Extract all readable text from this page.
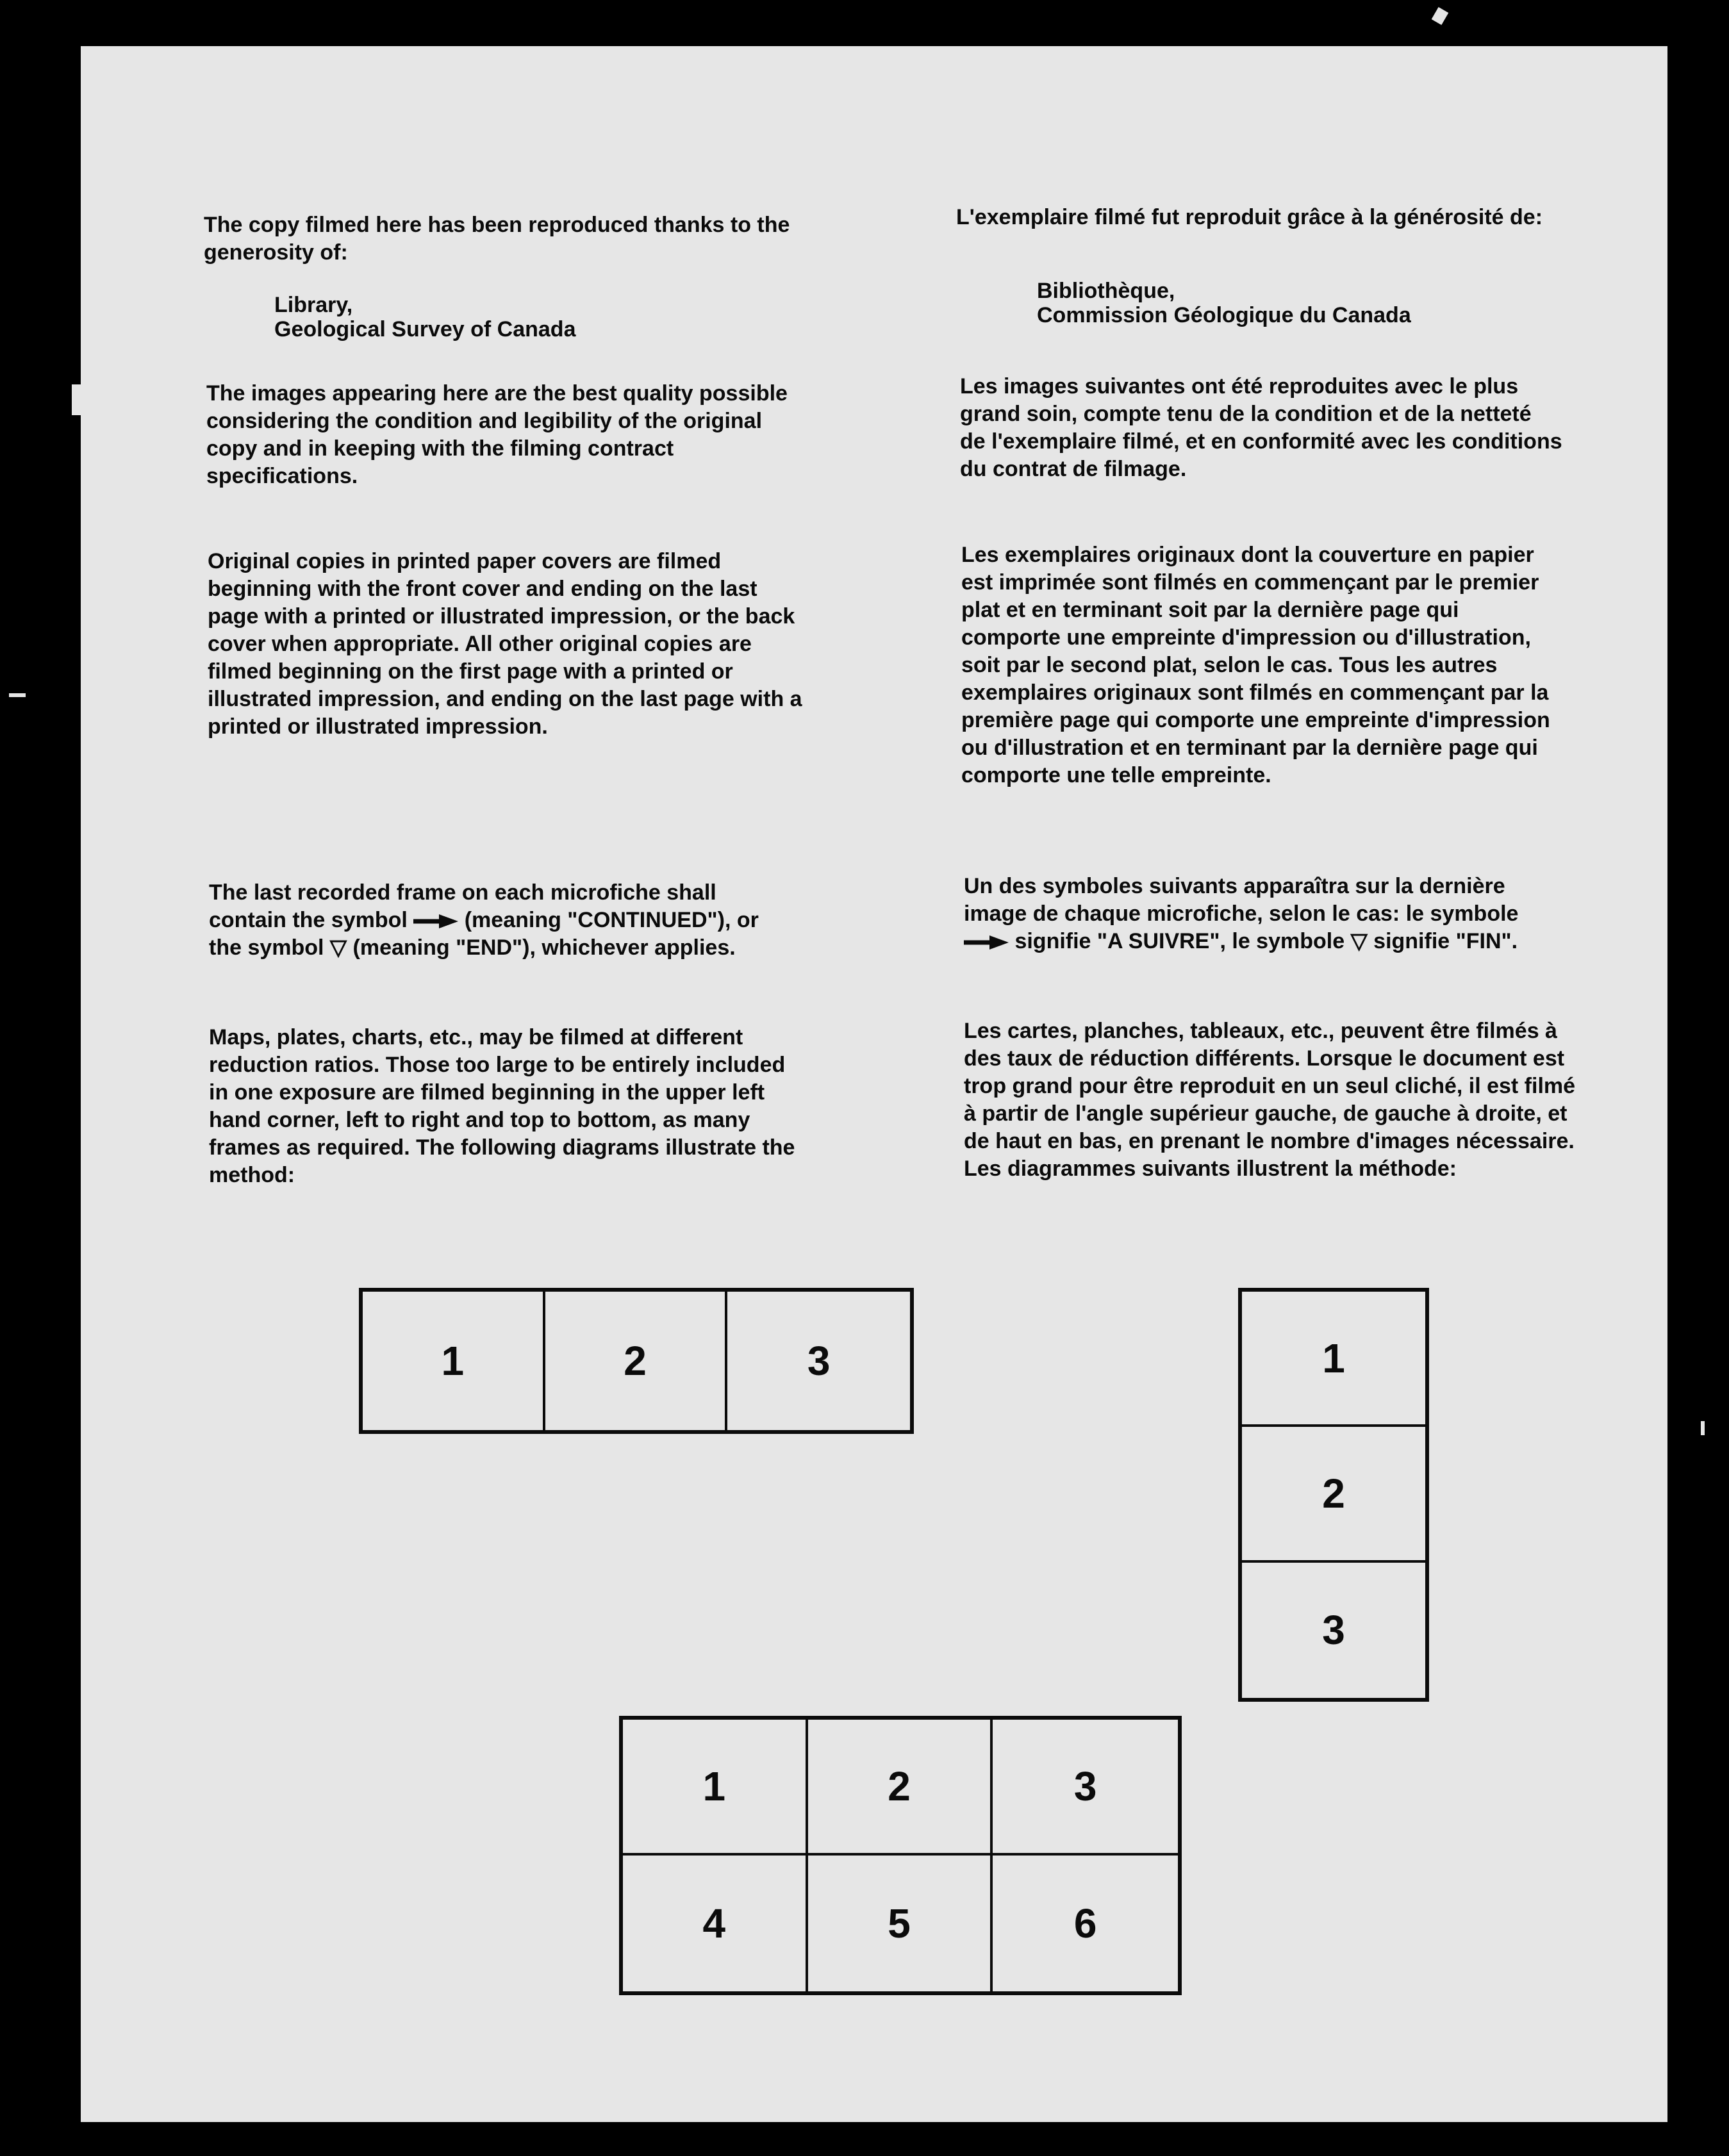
The copy filmed here has been reproduced thanks to the generosity of:

Library,

Geological Survey of Canada

The images appearing here are the best quality possible considering the condition and legibility of the original copy and in keeping with the filming contract specifications.

Original copies in printed paper covers are filmed beginning with the front cover and ending on the last page with a printed or illustrated impression, or the back cover when appropriate. All other original copies are filmed beginning on the first page with a printed or illustrated impression, and ending on the last page with a printed or illustrated impression.

The last recorded frame on each microfiche shall contain the symbol	(meaning "CONTINUED"), or the symbol ▽ (meaning "END"), whichever applies.

Maps, plates, charts, etc., may be filmed at different reduction ratios. Those too large to be entirely included in one exposure are filmed beginning in the upper left hand corner, left to right and top to bottom, as many frames as required. The following diagrams illustrate the method:

L'exemplaire filmé fut reproduit grâce à la générosité de:

Bibliothèque,

Commission Géologique du Canada

Les images suivantes ont été reproduites avec le plus grand soin, compte tenu de la condition et de la netteté de l'exemplaire filmé, et en conformité avec les conditions du contrat de filmage.

Les exemplaires originaux dont la couverture en papier est imprimée sont filmés en commençant par le premier plat et en terminant soit par la dernière page qui comporte une empreinte d'impression ou d'illustration, soit par le second plat, selon le cas. Tous les autres exemplaires originaux sont filmés en commençant par la première page qui comporte une empreinte d'impression ou d'illustration et en terminant par la dernière page qui comporte une telle empreinte.

Un des symboles suivants apparaîtra sur la dernière image de chaque microfiche, selon le cas: le symbole  signifie "A SUIVRE", le symbole ▽ signifie "FIN".

Les cartes, planches, tableaux, etc., peuvent être filmés à des taux de réduction différents. Lorsque le document est trop grand pour être reproduit en un seul cliché, il est filmé à partir de l'angle supérieur gauche, de gauche à droite, et de haut en bas, en prenant le nombre d'images nécessaire. Les diagrammes suivants illustrent la méthode:

1	2	3	1
2
3
1	2	3
4	5	6
